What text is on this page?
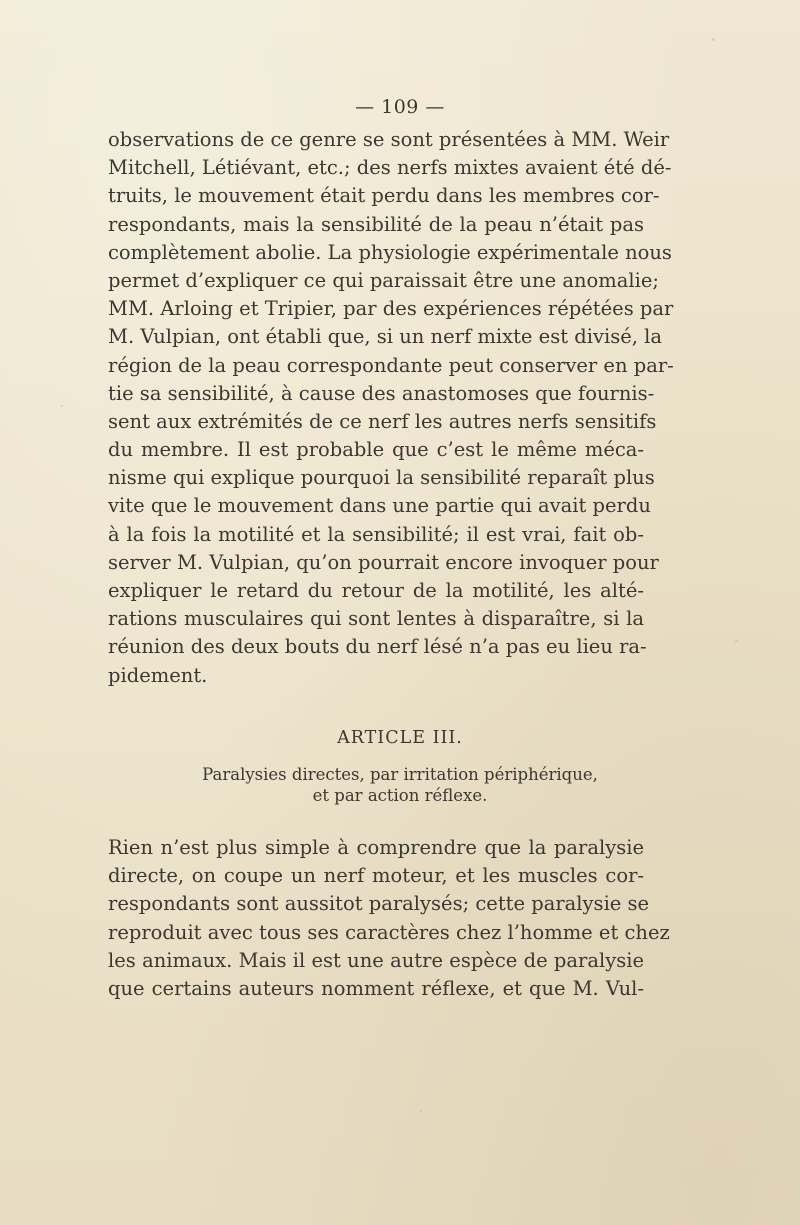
— 109 —
observations de ce genre se sont présentées à MM. Weir
Mitchell, Létiévant, etc.; des nerfs mixtes avaient été dé-
truits, le mouvement était perdu dans les membres cor-
respondants, mais la sensibilité de la peau n’était pas
complètement abolie. La physiologie expérimentale nous
permet d’expliquer ce qui paraissait être une anomalie;
MM. Arloing et Tripier, par des expériences répétées par
M. Vulpian, ont établi que, si un nerf mixte est divisé, la
région de la peau correspondante peut conserver en par-
tie sa sensibilité, à cause des anastomoses que fournis-
sent aux extrémités de ce nerf les autres nerfs sensitifs
du membre. Il est probable que c’est le même méca-
nisme qui explique pourquoi la sensibilité reparaît plus
vite que le mouvement dans une partie qui avait perdu
à la fois la motilité et la sensibilité; il est vrai, fait ob-
server M. Vulpian, qu’on pourrait encore invoquer pour
expliquer le retard du retour de la motilité, les alté-
rations musculaires qui sont lentes à disparaître, si la
réunion des deux bouts du nerf lésé n’a pas eu lieu ra-
pidement.
ARTICLE III.
Paralysies directes, par irritation périphérique,
et par action réflexe.
Rien n’est plus simple à comprendre que la paralysie
directe, on coupe un nerf moteur, et les muscles cor-
respondants sont aussitot paralysés; cette paralysie se
reproduit avec tous ses caractères chez l’homme et chez
les animaux. Mais il est une autre espèce de paralysie
que certains auteurs nomment réflexe, et que M. Vul-
